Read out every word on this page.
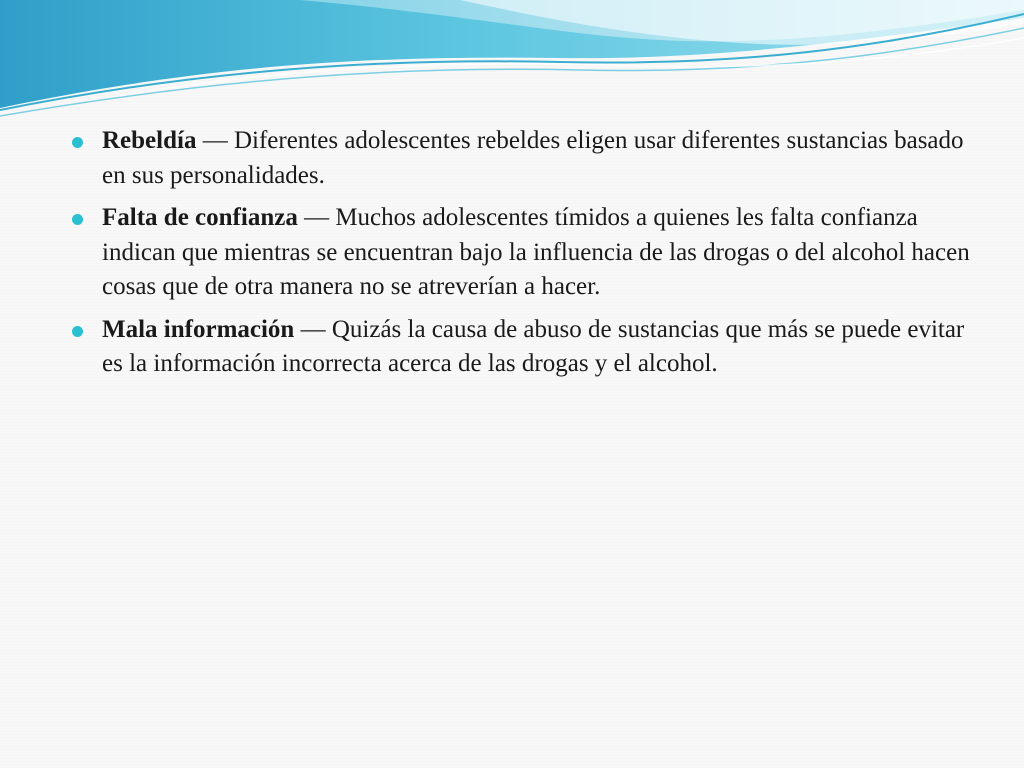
Rebeldía — Diferentes adolescentes rebeldes eligen usar diferentes sustancias basado en sus personalidades.
Falta de confianza — Muchos adolescentes tímidos a quienes les falta confianza indican que mientras se encuentran bajo la influencia de las drogas o del alcohol hacen cosas que de otra manera no se atreverían a hacer.
Mala información — Quizás la causa de abuso de sustancias que más se puede evitar es la información incorrecta acerca de las drogas y el alcohol.
